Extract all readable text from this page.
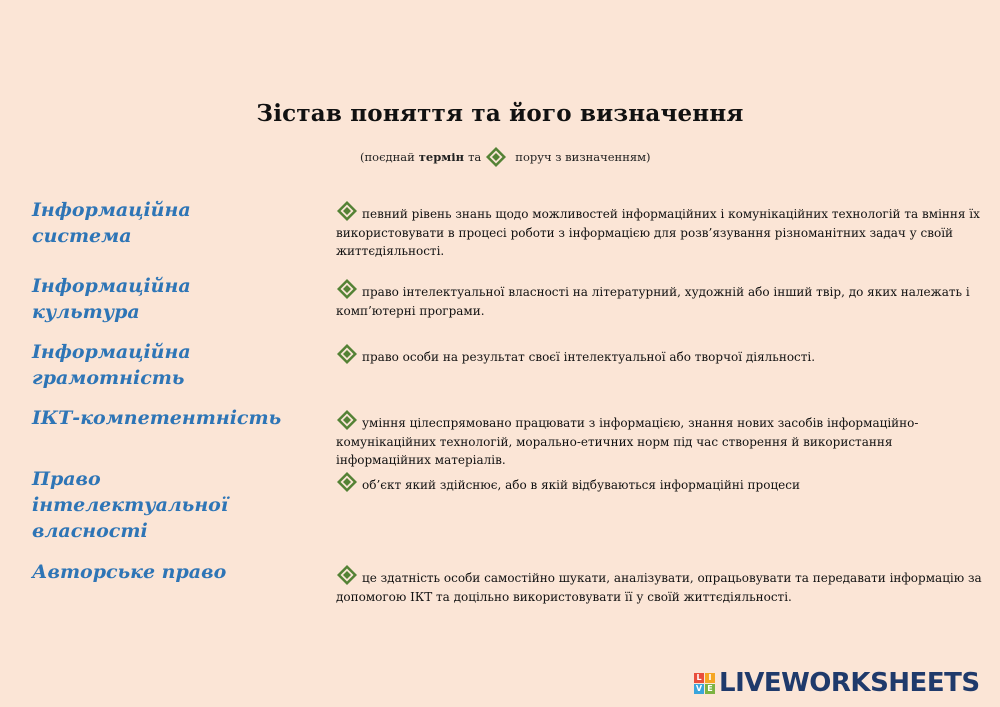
Зістав поняття та його визначення
(поєднай термін та	поруч з визначенням)
Інформаційна система
Інформаційна культура
Інформаційна грамотність
ІКТ-компетентність
Право інтелектуальної власності
Авторське право
певний рівень знань щодо можливостей інформаційних і комунікаційних технологій та вміння їх використовувати в процесі роботи з інформацією для розв’язування різноманітних задач у своїй життєдіяльності.
право інтелектуальної власності на літературний, художній або інший твір, до яких належать і комп’ютерні програми.
право особи на результат своєї інтелектуальної або творчої діяльності.
уміння цілеспрямовано працювати з інформацією, знання нових засобів інформаційно-комунікаційних технологій, морально-етичних норм під час створення й використання інформаційних матеріалів.
об’єкт який здійснює, або в якій відбуваються інформаційні процеси
це здатність особи самостійно шукати, аналізувати, опрацьовувати та передавати інформацію за допомогою ІКТ та доцільно використовувати її у своїй життєдіяльності.
L I
V E LIVEWORKSHEETS
